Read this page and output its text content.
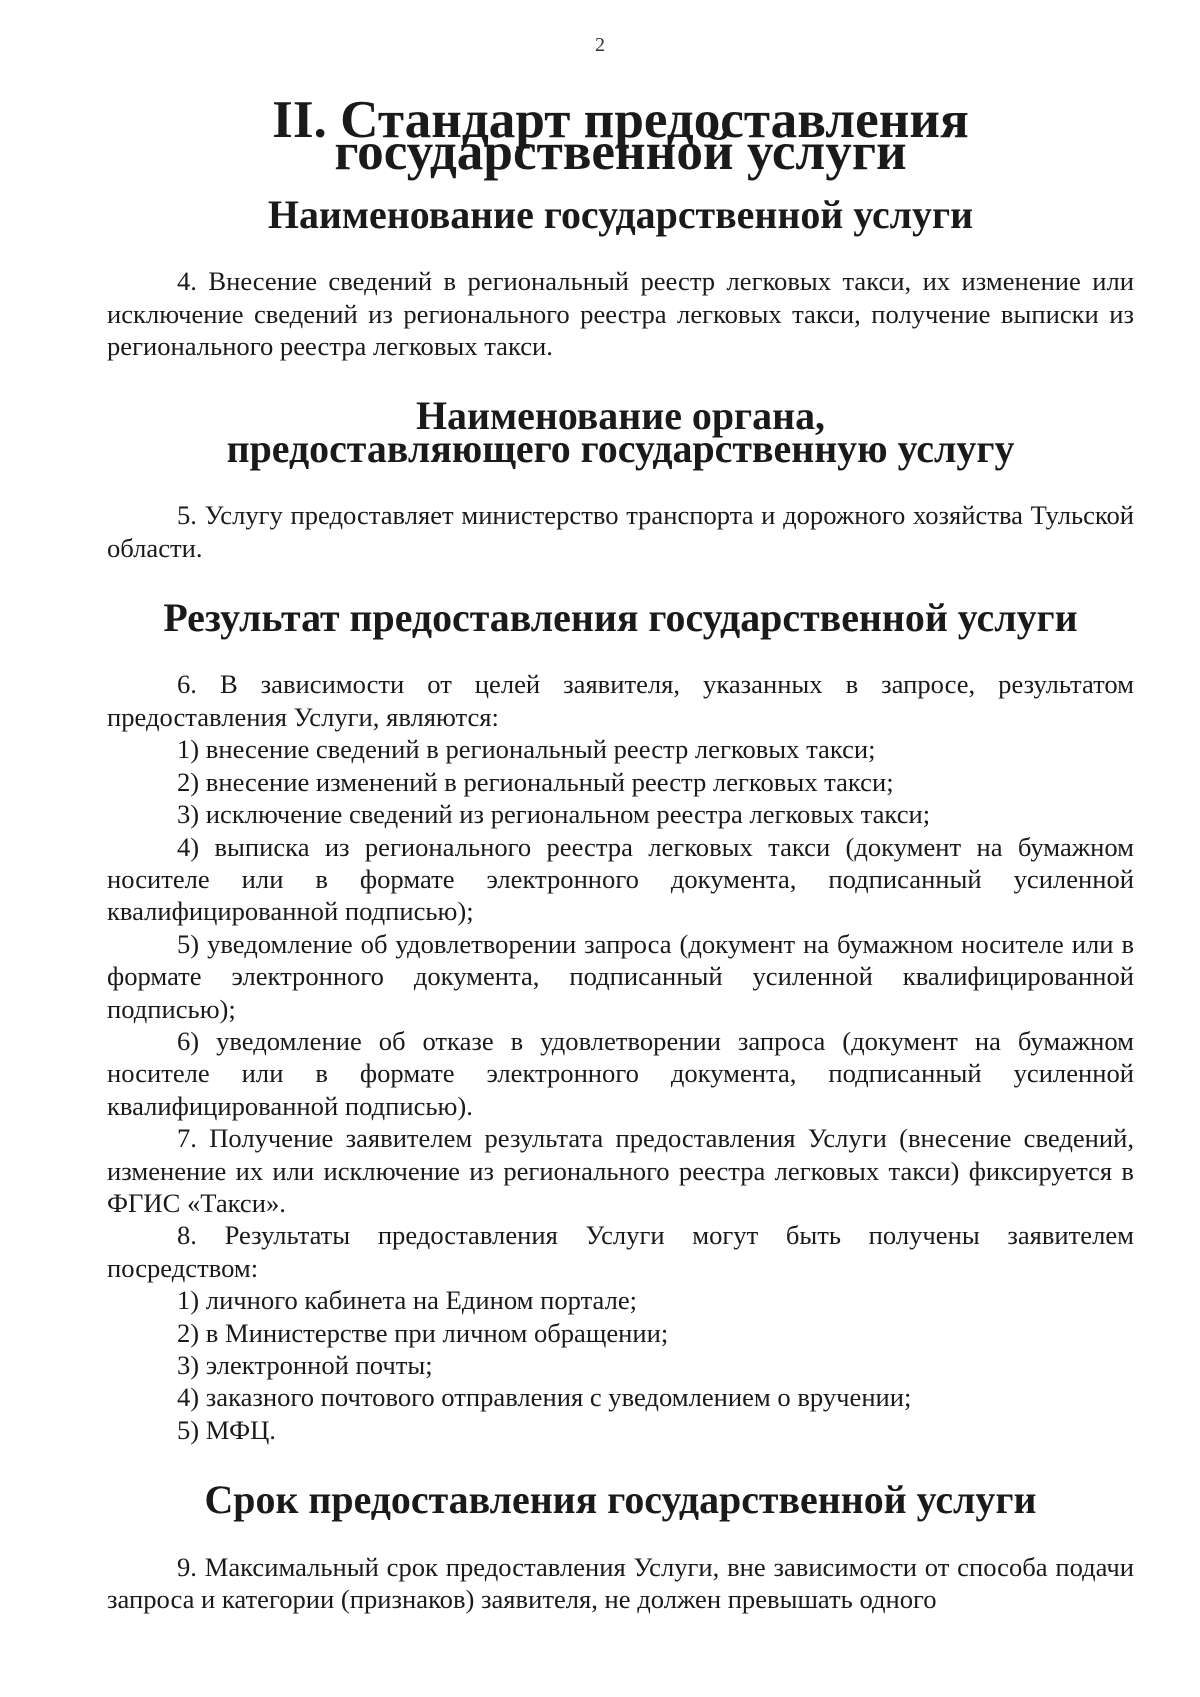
2
II. Стандарт предоставления государственной услуги
Наименование государственной услуги

4. Внесение сведений в региональный реестр легковых такси, их изменение или исключение сведений из регионального реестра легковых такси, получение выписки из регионального реестра легковых такси.

Наименование органа,
предоставляющего государственную услугу

5. Услугу предоставляет министерство транспорта и дорожного хозяйства Тульской области.

Результат предоставления государственной услуги

6. В зависимости от целей заявителя, указанных в запросе, результатом предоставления Услуги, являются:

1) внесение сведений в региональный реестр легковых такси;
2) внесение изменений в региональный реестр легковых такси;
3) исключение сведений из региональном реестра легковых такси;

4) выписка из регионального реестра легковых такси (документ на бумажном носителе или в формате электронного документа, подписанный усиленной квалифицированной подписью);

5) уведомление об удовлетворении запроса (документ на бумажном носителе или в формате электронного документа, подписанный усиленной квалифицированной подписью);

6) уведомление об отказе в удовлетворении запроса (документ на бумажном носителе или в формате электронного документа, подписанный усиленной квалифицированной подписью).

7. Получение заявителем результата предоставления Услуги (внесение сведений, изменение их или исключение из регионального реестра легковых такси) фиксируется в ФГИС «Такси».

8. Результаты предоставления Услуги могут быть получены заявителем посредством:

1) личного кабинета на Едином портале;
2) в Министерстве при личном обращении;
3) электронной почты;
4) заказного почтового отправления с уведомлением о вручении;
5) МФЦ.
Срок предоставления государственной услуги

9. Максимальный срок предоставления Услуги, вне зависимости от способа подачи запроса и категории (признаков) заявителя, не должен превышать одного
